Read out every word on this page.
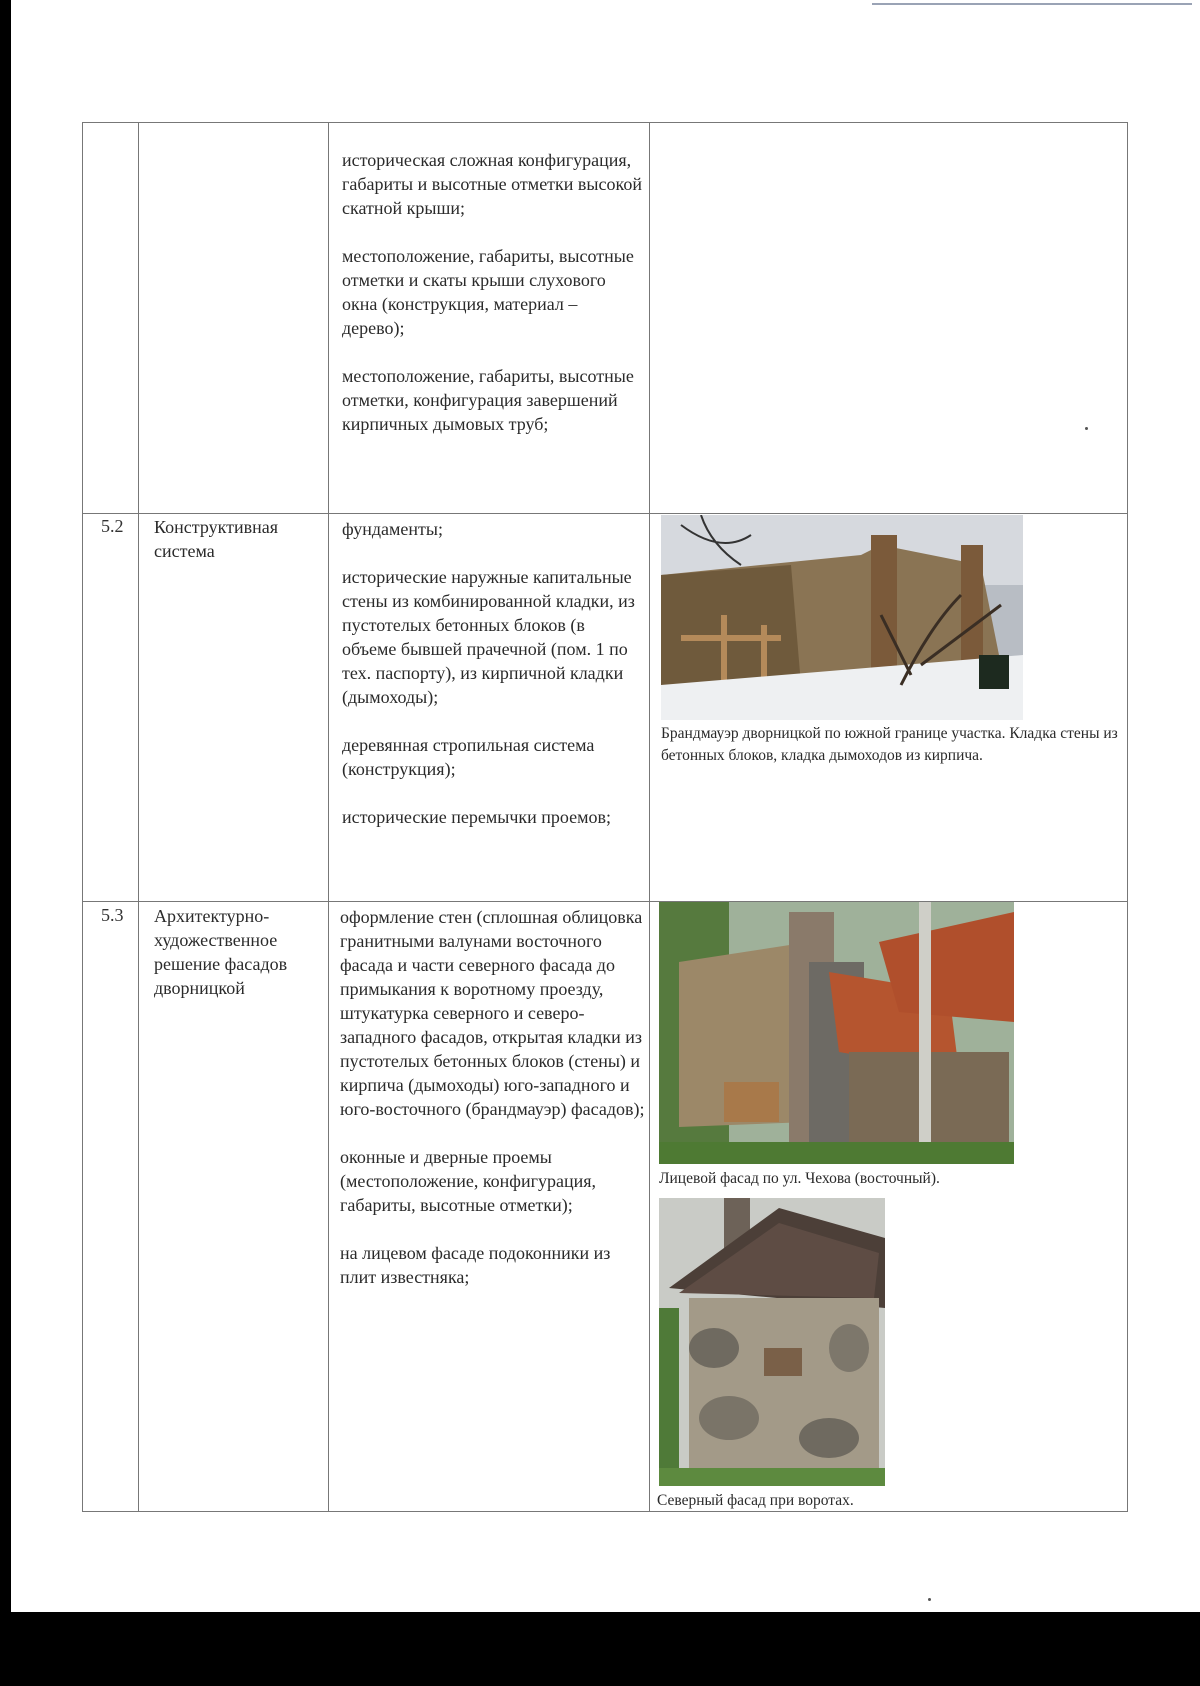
историческая сложная конфигурация, габариты и высотные отметки высокой скатной крыши;

местоположение, габариты, высотные отметки и скаты крыши слухового окна (конструкция, материал – дерево);

местоположение, габариты, высотные отметки, конфигурация завершений кирпичных дымовых труб;

5.2 Конструктивная система

фундаменты;

исторические наружные капитальные стены из комбинированной кладки, из пустотелых бетонных блоков (в объеме бывшей прачечной (пом. 1 по тех. паспорту), из кирпичной кладки (дымоходы);

деревянная стропильная система (конструкция);

исторические перемычки проемов;

Брандмауэр дворницкой по южной границе участка. Кладка стены из бетонных блоков, кладка дымоходов из кирпича.
5.3 Архитектурно-художественное решение фасадов дворницкой

оформление стен (сплошная облицовка гранитными валунами восточного фасада и части северного фасада до примыкания к воротному проезду, штукатурка северного и северо-западного фасадов, открытая кладки из пустотелых бетонных блоков (стены) и кирпича (дымоходы) юго-западного и юго-восточного (брандмауэр) фасадов);

оконные и дверные проемы (местоположение, конфигурация, габариты, высотные отметки);

на лицевом фасаде подоконники из плит известняка;

Лицевой фасад по ул. Чехова (восточный).
Северный фасад при воротах.
